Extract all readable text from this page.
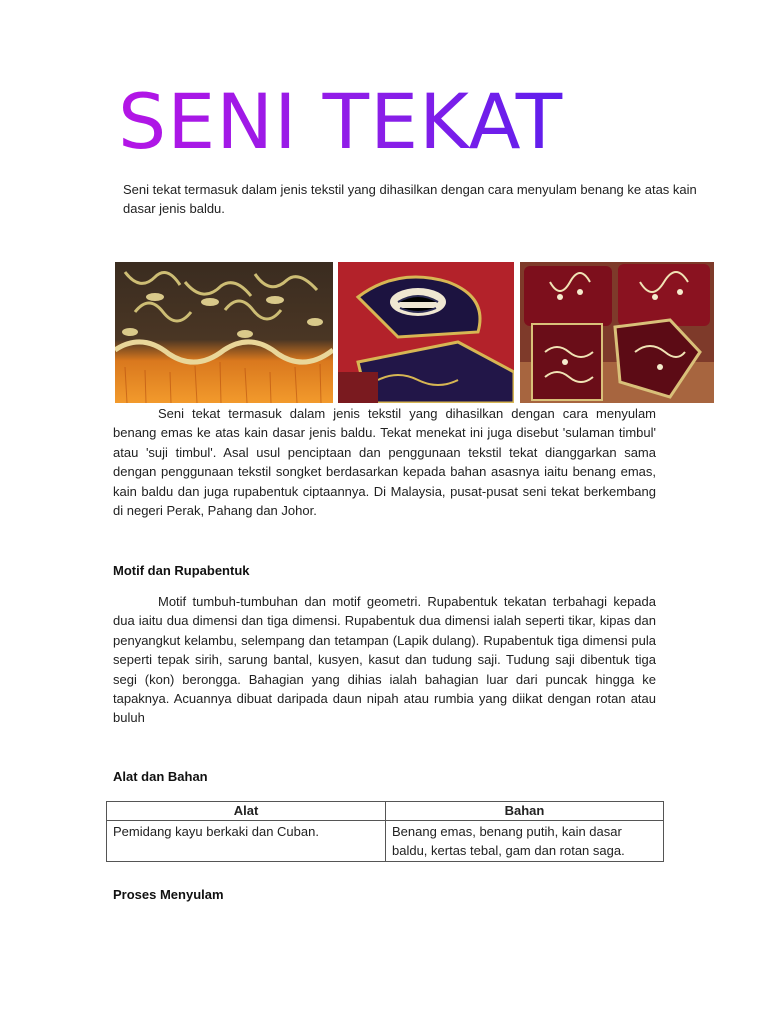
SENI TEKAT
Seni tekat termasuk dalam jenis tekstil yang dihasilkan dengan cara menyulam benang ke atas kain dasar jenis baldu.

Seni tekat termasuk dalam jenis tekstil yang dihasilkan dengan cara menyulam benang emas ke atas kain dasar jenis baldu. Tekat menekat ini juga disebut 'sulaman timbul' atau 'suji timbul'. Asal usul penciptaan dan penggunaan tekstil tekat dianggarkan sama dengan penggunaan tekstil songket berdasarkan kepada bahan asasnya iaitu benang emas, kain baldu dan juga rupabentuk ciptaannya. Di Malaysia, pusat-pusat seni tekat berkembang di negeri Perak, Pahang dan Johor.

Motif dan Rupabentuk

Motif tumbuh-tumbuhan dan motif geometri. Rupabentuk tekatan terbahagi kepada dua iaitu dua dimensi dan tiga dimensi. Rupabentuk dua dimensi ialah seperti tikar, kipas dan penyangkut kelambu, selempang dan tetampan (Lapik dulang). Rupabentuk tiga dimensi pula seperti tepak sirih, sarung bantal, kusyen, kasut dan tudung saji. Tudung saji dibentuk tiga segi (kon) berongga. Bahagian yang dihias ialah bahagian luar dari puncak hingga ke tapaknya. Acuannya dibuat daripada daun nipah atau rumbia yang diikat dengan rotan atau buluh

Alat dan Bahan
Alat	Bahan
Pemidang kayu berkaki dan Cuban.	Benang emas, benang putih, kain dasar baldu, kertas tebal, gam dan rotan saga.
Proses Menyulam
